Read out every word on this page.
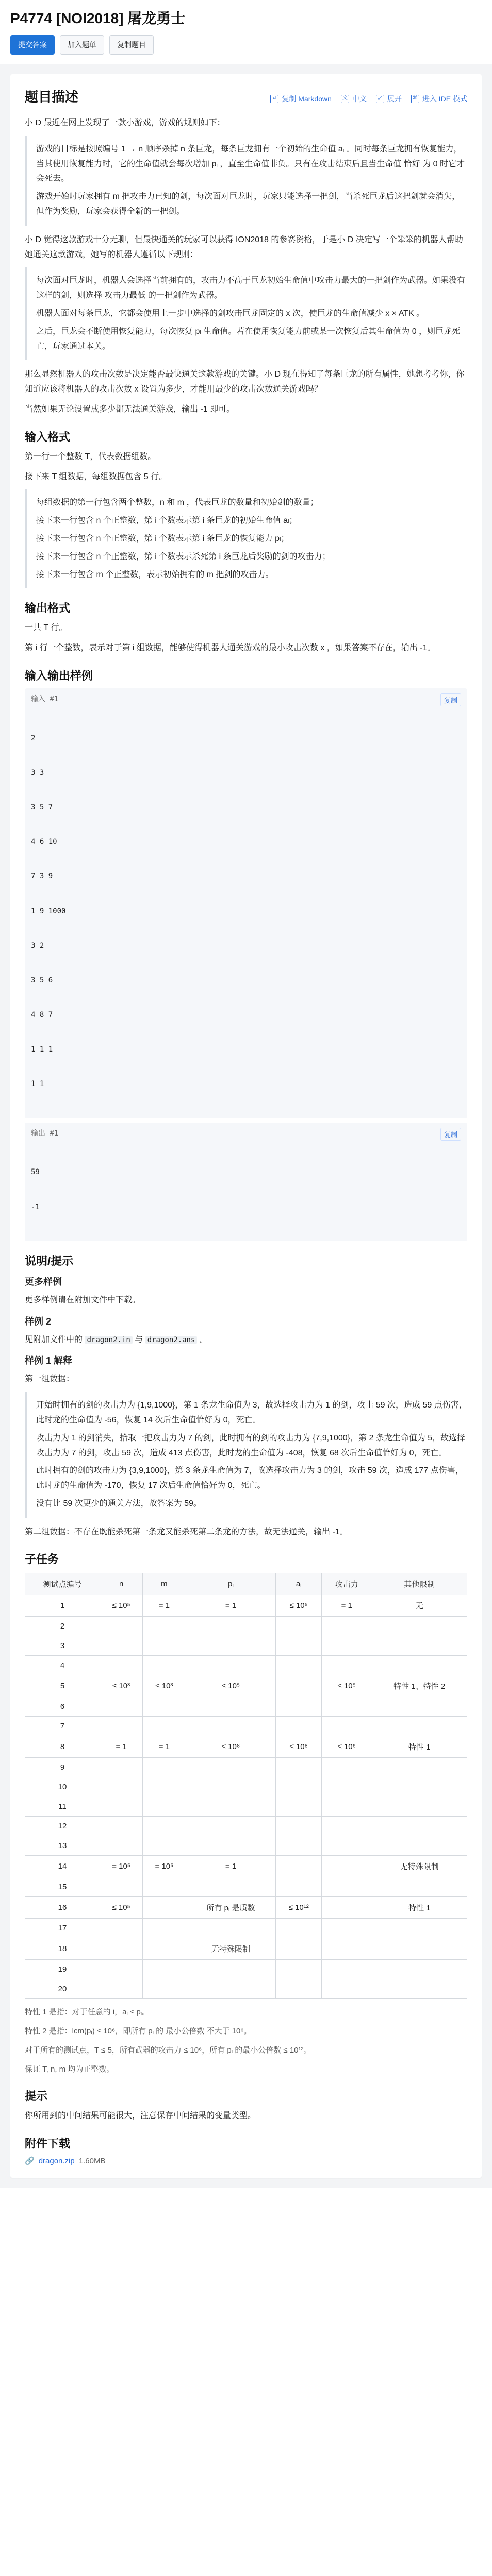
P4774 [NOI2018] 屠龙勇士
提交答案	加入题单	复制题目
题目描述	⧉ 复制 Markdown	文 中文	⤢ 展开	⌘ 进入 IDE 模式

小 D 最近在网上发现了一款小游戏，游戏的规则如下：

游戏的目标是按照编号 1 → n 顺序杀掉 n 条巨龙，每条巨龙拥有一个初始的生命值 aᵢ 。同时每条巨龙拥有恢复能力，当其使用恢复能力时，它的生命值就会每次增加 pᵢ ，直至生命值非负。只有在攻击结束后且当生命值 恰好 为 0 时它才会死去。

游戏开始时玩家拥有 m 把攻击力已知的剑，每次面对巨龙时，玩家只能选择一把剑，当杀死巨龙后这把剑就会消失，但作为奖励，玩家会获得全新的一把剑。

小 D 觉得这款游戏十分无聊，但最快通关的玩家可以获得 ION2018 的参赛资格，于是小 D 决定写一个笨笨的机器人帮助她通关这款游戏，她写的机器人遵循以下规则：

每次面对巨龙时，机器人会选择当前拥有的，攻击力不高于巨龙初始生命值中攻击力最大的一把剑作为武器。如果没有这样的剑，则选择 攻击力最低 的一把剑作为武器。

机器人面对每条巨龙，它都会使用上一步中选择的剑攻击巨龙固定的 x 次，使巨龙的生命值减少 x × ATK 。

之后，巨龙会不断使用恢复能力，每次恢复 pᵢ 生命值。若在使用恢复能力前或某一次恢复后其生命值为 0 ，则巨龙死亡，玩家通过本关。

那么显然机器人的攻击次数是决定能否最快通关这款游戏的关键。小 D 现在得知了每条巨龙的所有属性，她想考考你，你知道应该将机器人的攻击次数 x 设置为多少，才能用最少的攻击次数通关游戏吗？

当然如果无论设置成多少都无法通关游戏，输出 -1 即可。

输入格式

第一行一个整数 T，代表数据组数。

接下来 T 组数据，每组数据包含 5 行。

每组数据的第一行包含两个整数，n 和 m ，代表巨龙的数量和初始剑的数量；

接下来一行包含 n 个正整数，第 i 个数表示第 i 条巨龙的初始生命值 aᵢ；

接下来一行包含 n 个正整数，第 i 个数表示第 i 条巨龙的恢复能力 pᵢ；

接下来一行包含 n 个正整数，第 i 个数表示杀死第 i 条巨龙后奖励的剑的攻击力；

接下来一行包含 m 个正整数，表示初始拥有的 m 把剑的攻击力。

输出格式

一共 T 行。

第 i 行一个整数，表示对于第 i 组数据，能够使得机器人通关游戏的最小攻击次数 x ，如果答案不存在，输出 -1。

输入输出样例
输入 #1	复制

2

3 3

3 5 7

4 6 10

7 3 9

1 9 1000

3 2

3 5 6

4 8 7

1 1 1

1 1

输出 #1	复制

59

-1

说明/提示
更多样例

更多样例请在附加文件中下载。

样例 2

见附加文件中的 dragon2.in 与 dragon2.ans 。

样例 1 解释

第一组数据：

开始时拥有的剑的攻击力为 {1,9,1000}，第 1 条龙生命值为 3，故选择攻击力为 1 的剑，攻击 59 次，造成 59 点伤害，此时龙的生命值为 -56，恢复 14 次后生命值恰好为 0，死亡。

攻击力为 1 的剑消失，拾取一把攻击力为 7 的剑，此时拥有的剑的攻击力为 {7,9,1000}，第 2 条龙生命值为 5，故选择攻击力为 7 的剑，攻击 59 次，造成 413 点伤害，此时龙的生命值为 -408，恢复 68 次后生命值恰好为 0，死亡。

此时拥有的剑的攻击力为 {3,9,1000}，第 3 条龙生命值为 7，故选择攻击力为 3 的剑，攻击 59 次，造成 177 点伤害，此时龙的生命值为 -170，恢复 17 次后生命值恰好为 0，死亡。

没有比 59 次更少的通关方法，故答案为 59。

第二组数据：不存在既能杀死第一条龙又能杀死第二条龙的方法，故无法通关，输出 -1。

子任务
测试点编号	n	m	pᵢ	aᵢ	攻击力	其他限制
1	≤ 10⁵	= 1	= 1	≤ 10⁵	= 1	无
2						
3						
4						
5	≤ 10³	≤ 10³	≤ 10⁵		≤ 10⁵	特性 1、特性 2
6						
7						
8	= 1	= 1	≤ 10⁸	≤ 10⁸	≤ 10⁶	特性 1
9						
10						
11						
12						
13						
14	= 10⁵	= 10⁵	= 1			无特殊限制
15						
16	≤ 10⁵		所有 pᵢ 是质数	≤ 10¹²		特性 1
17						
18			无特殊限制			
19						
20						

特性 1 是指：对于任意的 i，aᵢ ≤ pᵢ。

特性 2 是指：lcm(pᵢ) ≤ 10⁶，即所有 pᵢ 的 最小公倍数 不大于 10⁶。

对于所有的测试点，T ≤ 5，所有武器的攻击力 ≤ 10⁶，所有 pᵢ 的最小公倍数 ≤ 10¹²。

保证 T, n, m 均为正整数。

提示

你所用到的中间结果可能很大，注意保存中间结果的变量类型。

附件下载
🔗 dragon.zip 1.60MB
